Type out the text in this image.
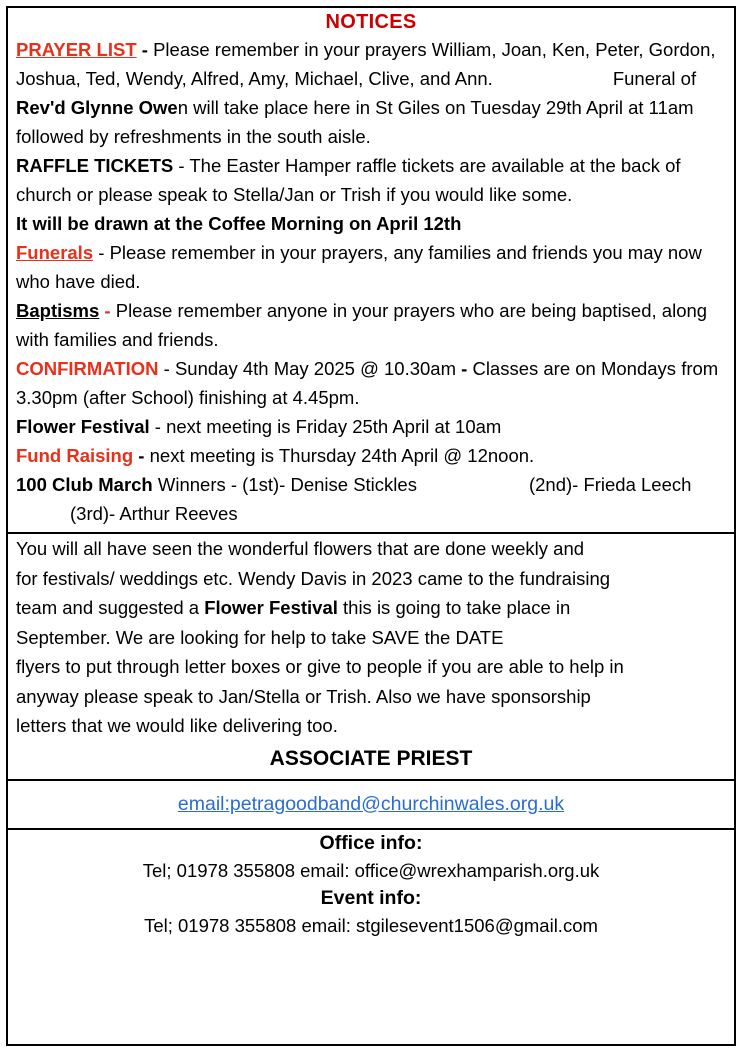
NOTICES

PRAYER LIST - Please remember in your prayers William, Joan, Ken, Peter, Gordon, Joshua, Ted, Wendy, Alfred, Amy, Michael, Clive, and Ann.	Funeral of Rev'd Glynne Owen will take place here in St Giles on Tuesday 29th April at 11am followed by refreshments in the south aisle.

RAFFLE TICKETS - The Easter Hamper raffle tickets are available at the back of church or please speak to Stella/Jan or Trish if you would like some.

It will be drawn at the Coffee Morning on April 12th

Funerals - Please remember in your prayers, any families and friends you may now who have died.

Baptisms - Please remember anyone in your prayers who are being baptised, along with families and friends.

CONFIRMATION - Sunday 4th May 2025 @ 10.30am - Classes are on Mondays from 3.30pm (after School) finishing at 4.45pm.

Flower Festival - next meeting is Friday 25th April at 10am

Fund Raising - next meeting is Thursday 24th April @ 12noon.

100 Club March Winners - (1st)- Denise Stickles	(2nd)- Frieda Leech(3rd)- Arthur Reeves

You will all have seen the wonderful flowers that are done weekly and

for festivals/ weddings etc. Wendy Davis in 2023 came to the fundraising

team and suggested a Flower Festival this is going to take place in

September. We are looking for help to take SAVE the DATE

flyers to put through letter boxes or give to people if you are able to help in

anyway please speak to Jan/Stella or Trish. Also we have sponsorship

letters that we would like delivering too.

ASSOCIATE PRIEST
email:petragoodband@churchinwales.org.uk
Office info:
Tel; 01978 355808 email: office@wrexhamparish.org.uk
Event info:
Tel; 01978 355808 email: stgilesevent1506@gmail.com
